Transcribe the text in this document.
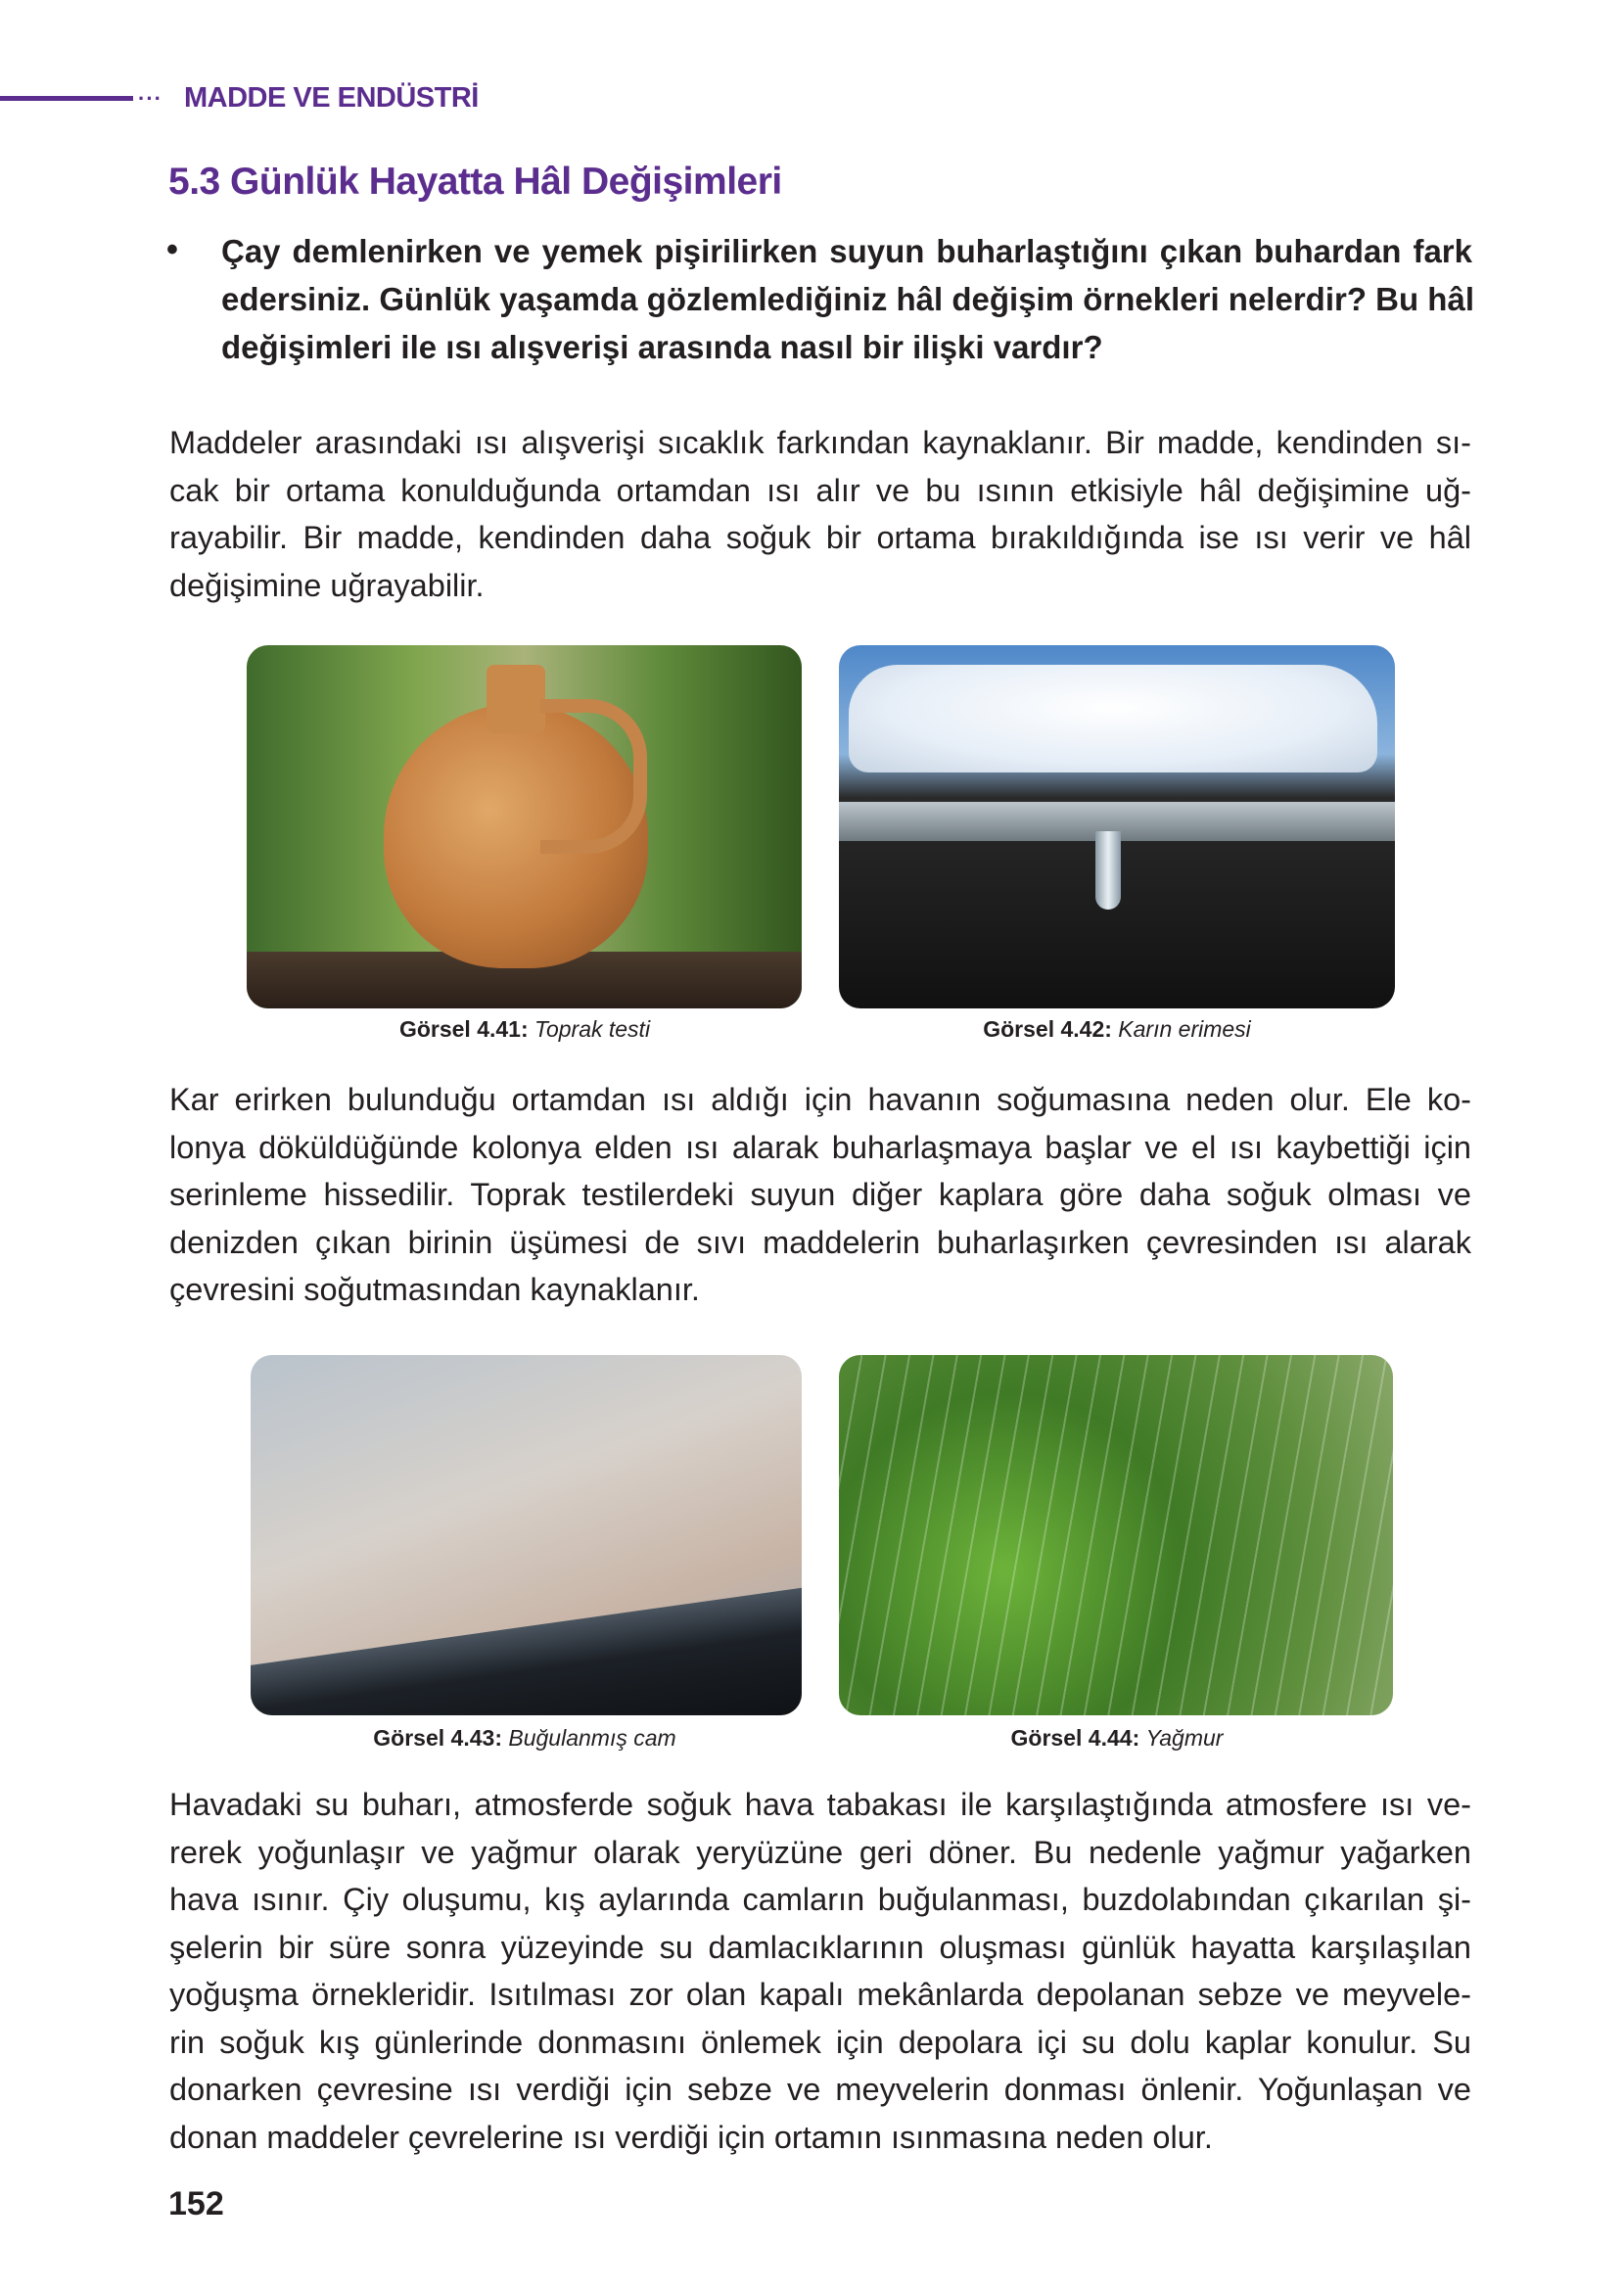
··· MADDE VE ENDÜSTRİ
5.3 Günlük Hayatta Hâl Değişimleri
• Çay demlenirken ve yemek pişirilirken suyun buharlaştığını çıkan buhardan fark
edersiniz. Günlük yaşamda gözlemlediğiniz hâl değişim örnekleri nelerdir? Bu hâl
değişimleri ile ısı alışverişi arasında nasıl bir ilişki vardır?
Maddeler arasındaki ısı alışverişi sıcaklık farkından kaynaklanır. Bir madde, kendinden sı-
cak bir ortama konulduğunda ortamdan ısı alır ve bu ısının etkisiyle hâl değişimine uğ-
rayabilir. Bir madde, kendinden daha soğuk bir ortama bırakıldığında ise ısı verir ve hâl
değişimine uğrayabilir.
Görsel 4.41: Toprak testi	Görsel 4.42: Karın erimesi
Kar erirken bulunduğu ortamdan ısı aldığı için havanın soğumasına neden olur. Ele ko-
lonya döküldüğünde kolonya elden ısı alarak buharlaşmaya başlar ve el ısı kaybettiği için
serinleme hissedilir. Toprak testilerdeki suyun diğer kaplara göre daha soğuk olması ve
denizden çıkan birinin üşümesi de sıvı maddelerin buharlaşırken çevresinden ısı alarak
çevresini soğutmasından kaynaklanır.
Görsel 4.43: Buğulanmış cam	Görsel 4.44: Yağmur
Havadaki su buharı, atmosferde soğuk hava tabakası ile karşılaştığında atmosfere ısı ve-
rerek yoğunlaşır ve yağmur olarak yeryüzüne geri döner. Bu nedenle yağmur yağarken
hava ısınır. Çiy oluşumu, kış aylarında camların buğulanması, buzdolabından çıkarılan şi-
şelerin bir süre sonra yüzeyinde su damlacıklarının oluşması günlük hayatta karşılaşılan
yoğuşma örnekleridir. Isıtılması zor olan kapalı mekânlarda depolanan sebze ve meyvele-
rin soğuk kış günlerinde donmasını önlemek için depolara içi su dolu kaplar konulur. Su
donarken çevresine ısı verdiği için sebze ve meyvelerin donması önlenir. Yoğunlaşan ve
donan maddeler çevrelerine ısı verdiği için ortamın ısınmasına neden olur.
152
